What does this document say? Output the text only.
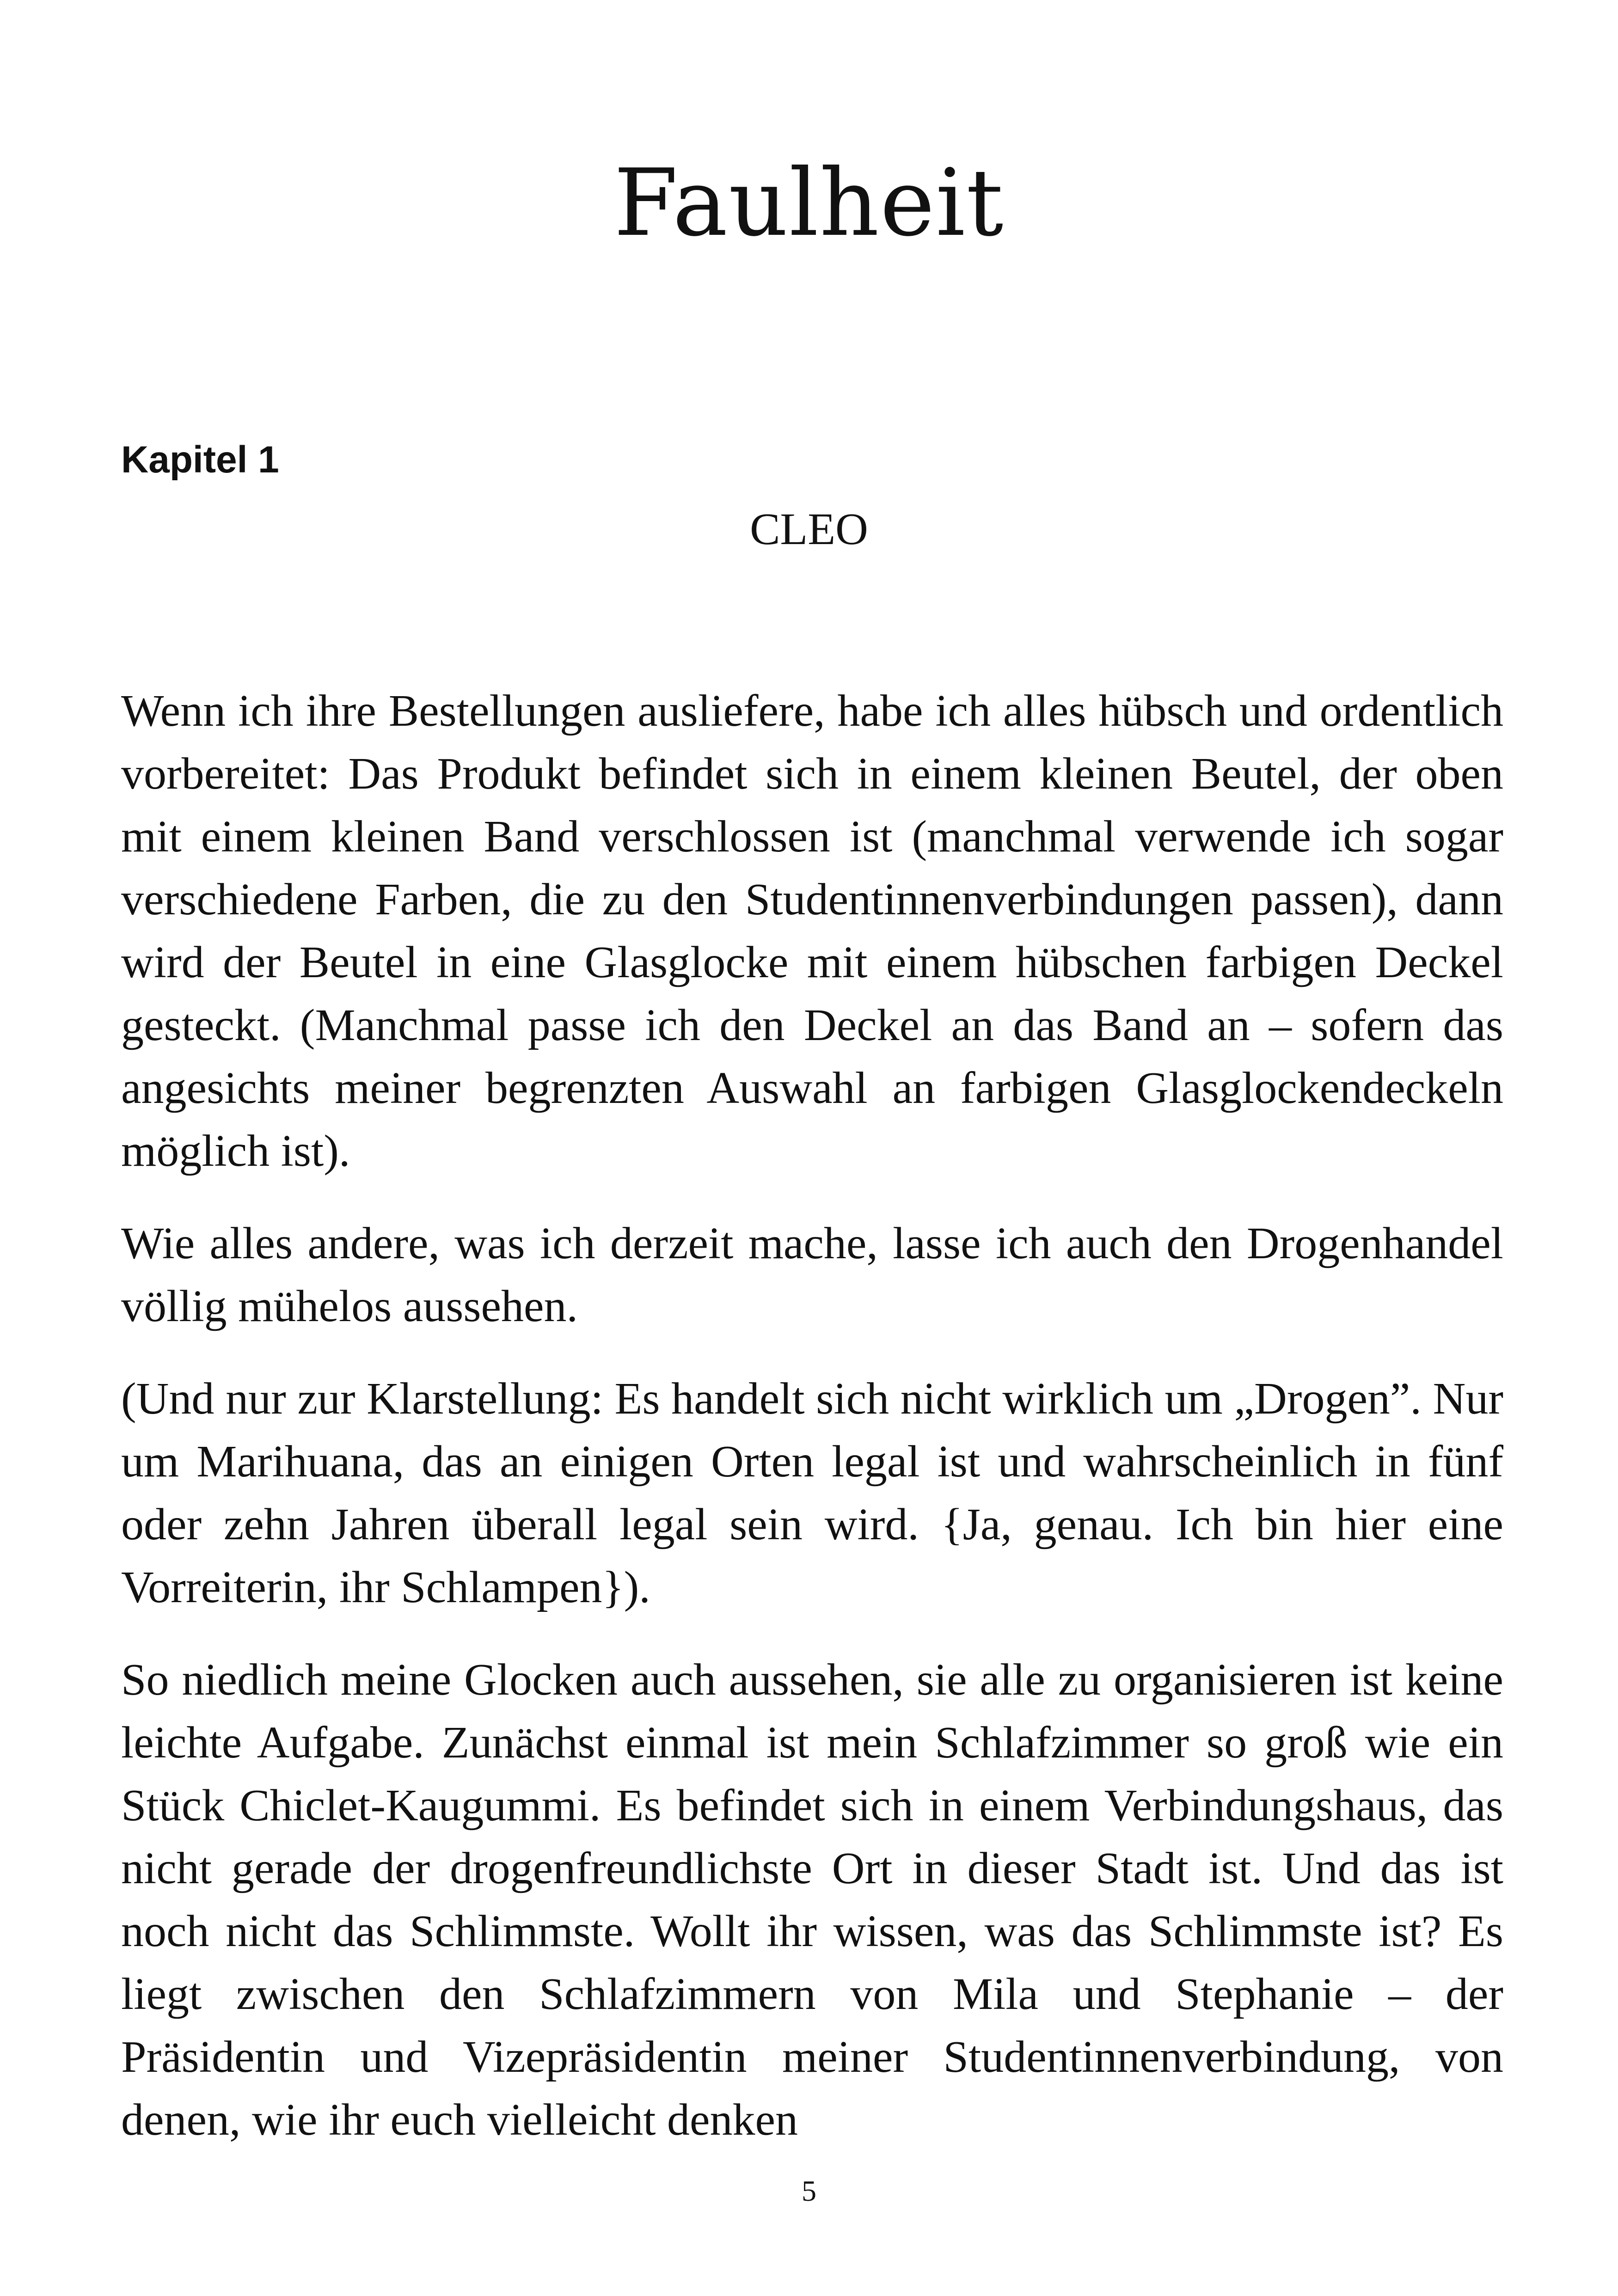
Faulheit
Kapitel 1
CLEO

Wenn ich ihre Bestellungen ausliefere, habe ich alles hübsch und ordentlich vorbereitet: Das Produkt befindet sich in einem kleinen Beutel, der oben mit einem kleinen Band verschlossen ist (manchmal verwende ich sogar verschiedene Farben, die zu den Studentinnenverbindungen passen), dann wird der Beutel in eine Glasglocke mit einem hübschen farbigen Deckel gesteckt. (Manchmal passe ich den Deckel an das Band an – sofern das angesichts meiner begrenzten Auswahl an farbigen Glasglockendeckeln möglich ist).

Wie alles andere, was ich derzeit mache, lasse ich auch den Drogenhandel völlig mühelos aussehen.

(Und nur zur Klarstellung: Es handelt sich nicht wirklich um „Drogen”. Nur um Marihuana, das an einigen Orten legal ist und wahrscheinlich in fünf oder zehn Jahren überall legal sein wird. {Ja, genau. Ich bin hier eine Vorreiterin, ihr Schlampen}).

So niedlich meine Glocken auch aussehen, sie alle zu organisieren ist keine leichte Aufgabe. Zunächst einmal ist mein Schlafzimmer so groß wie ein Stück Chiclet-Kaugummi. Es befindet sich in einem Verbindungshaus, das nicht gerade der drogenfreundlichste Ort in dieser Stadt ist. Und das ist noch nicht das Schlimmste. Wollt ihr wissen, was das Schlimmste ist? Es liegt zwischen den Schlafzimmern von Mila und Stephanie – der Präsidentin und Vizepräsidentin meiner Studentinnenverbindung, von denen, wie ihr euch vielleicht denken

5
